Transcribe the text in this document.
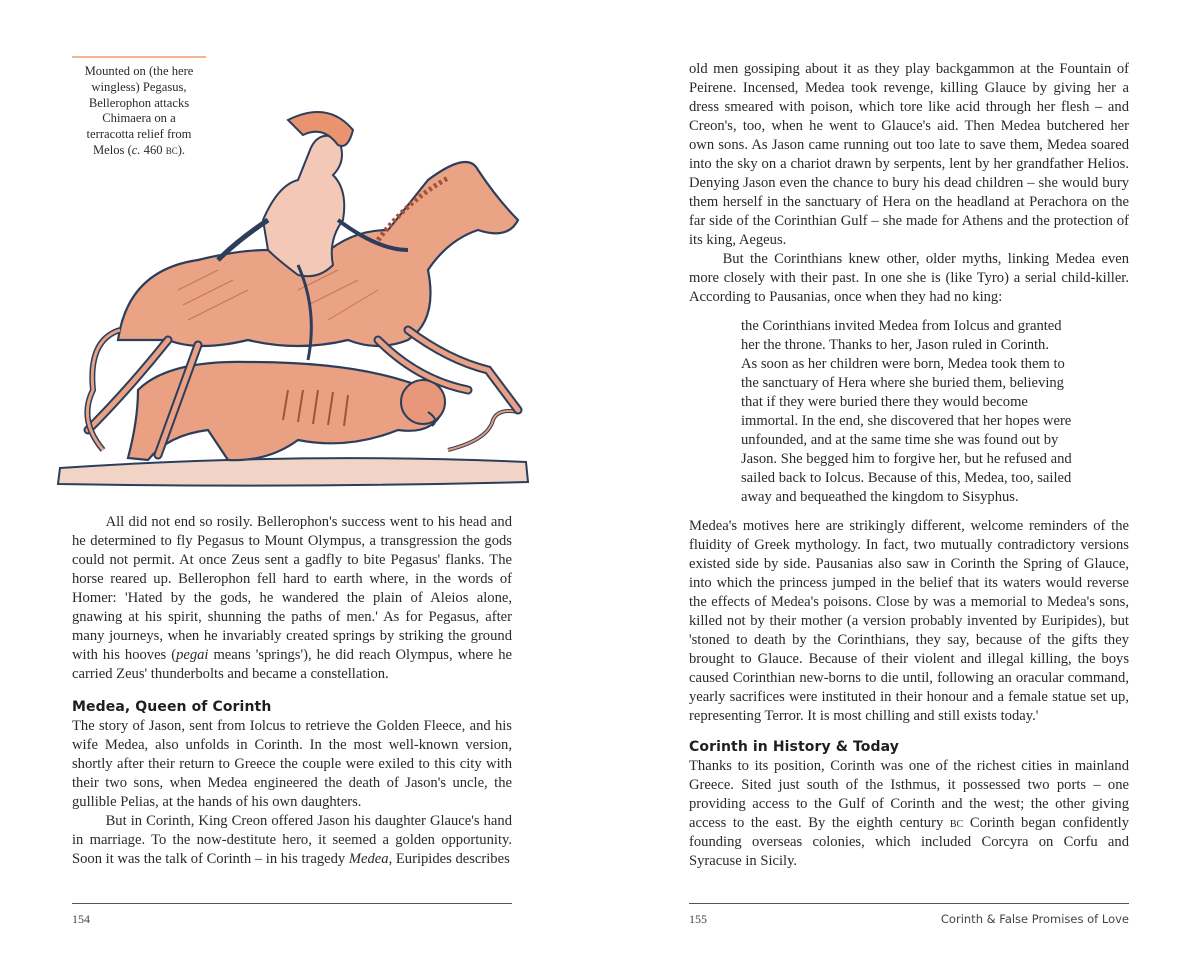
Mounted on (the here
wingless) Pegasus,
Bellerophon attacks
Chimaera on a
terracotta relief from
Melos (c. 460 bc).

All did not end so rosily. Bellerophon's success went to his head and he determined to fly Pegasus to Mount Olympus, a transgression the gods could not permit. At once Zeus sent a gadfly to bite Pegasus' flanks. The horse reared up. Bellerophon fell hard to earth where, in the words of Homer: 'Hated by the gods, he wandered the plain of Aleios alone, gnawing at his spirit, shunning the paths of men.' As for Pegasus, after many journeys, when he invariably created springs by striking the ground with his hooves (pegai means 'springs'), he did reach Olympus, where he carried Zeus' thunderbolts and became a constellation.

Medea, Queen of Corinth

The story of Jason, sent from Iolcus to retrieve the Golden Fleece, and his wife Medea, also unfolds in Corinth. In the most well-known version, shortly after their return to Greece the couple were exiled to this city with their two sons, when Medea engineered the death of Jason's uncle, the gullible Pelias, at the hands of his own daughters.

But in Corinth, King Creon offered Jason his daughter Glauce's hand in marriage. To the now-destitute hero, it seemed a golden opportunity. Soon it was the talk of Corinth – in his tragedy Medea, Euripides describes

154

old men gossiping about it as they play backgammon at the Fountain of Peirene. Incensed, Medea took revenge, killing Glauce by giving her a dress smeared with poison, which tore like acid through her flesh – and Creon's, too, when he went to Glauce's aid. Then Medea butchered her own sons. As Jason came running out too late to save them, Medea soared into the sky on a chariot drawn by serpents, lent by her grandfather Helios. Denying Jason even the chance to bury his dead children – she would bury them herself in the sanctuary of Hera on the headland at Perachora on the far side of the Corinthian Gulf – she made for Athens and the protection of its king, Aegeus.

But the Corinthians knew other, older myths, linking Medea even more closely with their past. In one she is (like Tyro) a serial child-killer. According to Pausanias, once when they had no king:

the Corinthians invited Medea from Iolcus and granted

her the throne. Thanks to her, Jason ruled in Corinth.

As soon as her children were born, Medea took them to

the sanctuary of Hera where she buried them, believing

that if they were buried there they would become

immortal. In the end, she discovered that her hopes were

unfounded, and at the same time she was found out by

Jason. She begged him to forgive her, but he refused and

sailed back to Iolcus. Because of this, Medea, too, sailed

away and bequeathed the kingdom to Sisyphus.

Medea's motives here are strikingly different, welcome reminders of the fluidity of Greek mythology. In fact, two mutually contradictory versions existed side by side. Pausanias also saw in Corinth the Spring of Glauce, into which the princess jumped in the belief that its waters would reverse the effects of Medea's poisons. Close by was a memorial to Medea's sons, killed not by their mother (a version probably invented by Euripides), but 'stoned to death by the Corinthians, they say, because of the gifts they brought to Glauce. Because of their violent and illegal killing, the boys caused Corinthian new-borns to die until, following an oracular command, yearly sacrifices were instituted in their honour and a female statue set up, representing Terror. It is most chilling and still exists today.'

Corinth in History & Today

Thanks to its position, Corinth was one of the richest cities in mainland Greece. Sited just south of the Isthmus, it possessed two ports – one providing access to the Gulf of Corinth and the west; the other giving access to the east. By the eighth century bc Corinth began confidently founding overseas colonies, which included Corcyra on Corfu and Syracuse in Sicily.

155	Corinth & False Promises of Love
